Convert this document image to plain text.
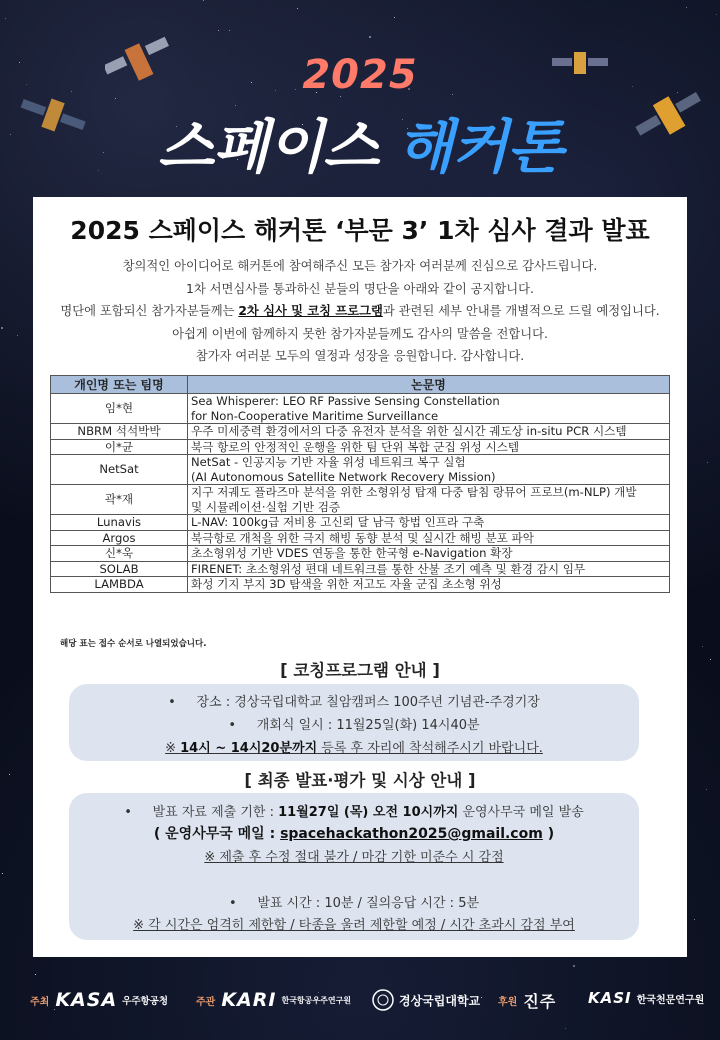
2025
스페이스 해커톤
2025 스페이스 해커톤 ‘부문 3’ 1차 심사 결과 발표
창의적인 아이디어로 해커톤에 참여해주신 모든 참가자 여러분께 진심으로 감사드립니다.
1차 서면심사를 통과하신 분들의 명단을 아래와 같이 공지합니다.
명단에 포함되신 참가자분들께는 2차 심사 및 코칭 프로그램과 관련된 세부 안내를 개별적으로 드릴 예정입니다.
아쉽게 이번에 함께하지 못한 참가자분들께도 감사의 말씀을 전합니다.
참가자 여러분 모두의 열정과 성장을 응원합니다. 감사합니다.
개인명 또는 팀명	논문명
임*현	Sea Whisperer: LEO RF Passive Sensing Constellation
for Non-Cooperative Maritime Surveillance

NBRM 석석박박	우주 미세중력 환경에서의 다중 유전자 분석을 위한 실시간 궤도상 in-situ PCR 시스템

이*균	북극 항로의 안정적인 운행을 위한 팀 단위 복합 군집 위성 시스템

NetSat	NetSat - 인공지능 기반 자율 위성 네트워크 복구 실험
(AI Autonomous Satellite Network Recovery Mission)

곽*재	지구 저궤도 플라즈마 분석을 위한 소형위성 탑재 다중 탐침 랑뮤어 프로브(m-NLP) 개발
및 시뮬레이션·실험 기반 검증

Lunavis	L-NAV: 100kg급 저비용 고신뢰 달 남극 항법 인프라 구축

Argos	북극항로 개척을 위한 극지 해빙 동향 분석 및 실시간 해빙 분포 파악

신*욱	초소형위성 기반 VDES 연동을 통한 한국형 e-Navigation 확장

SOLAB	FIRENET: 초소형위성 편대 네트워크를 통한 산불 조기 예측 및 환경 감시 임무

LAMBDA	화성 기지 부지 3D 탐색을 위한 저고도 자율 군집 초소형 위성
해당 표는 접수 순서로 나열되었습니다.
[ 코칭프로그램 안내 ]
• 장소 : 경상국립대학교 칠암캠퍼스 100주년 기념관-주경기장
• 개회식 일시 : 11월25일(화) 14시40분
※ 14시 ~ 14시20분까지 등록 후 자리에 착석해주시기 바랍니다.
[ 최종 발표·평가 및 시상 안내 ]
• 발표 자료 제출 기한 : 11월27일 (목) 오전 10시까지 운영사무국 메일 발송
( 운영사무국 메일 : spacehackathon2025@gmail.com )
※ 제출 후 수정 절대 불가 / 마감 기한 미준수 시 감점
• 발표 시간 : 10분 / 질의응답 시간 : 5분
※ 각 시간은 엄격히 제한함 / 타종을 울려 제한할 예정 / 시간 초과시 감점 부여
주최 KASA 우주항공청	주관 KARI 한국항공우주연구원	경상국립대학교 후원 진주 KASI 한국천문연구원
